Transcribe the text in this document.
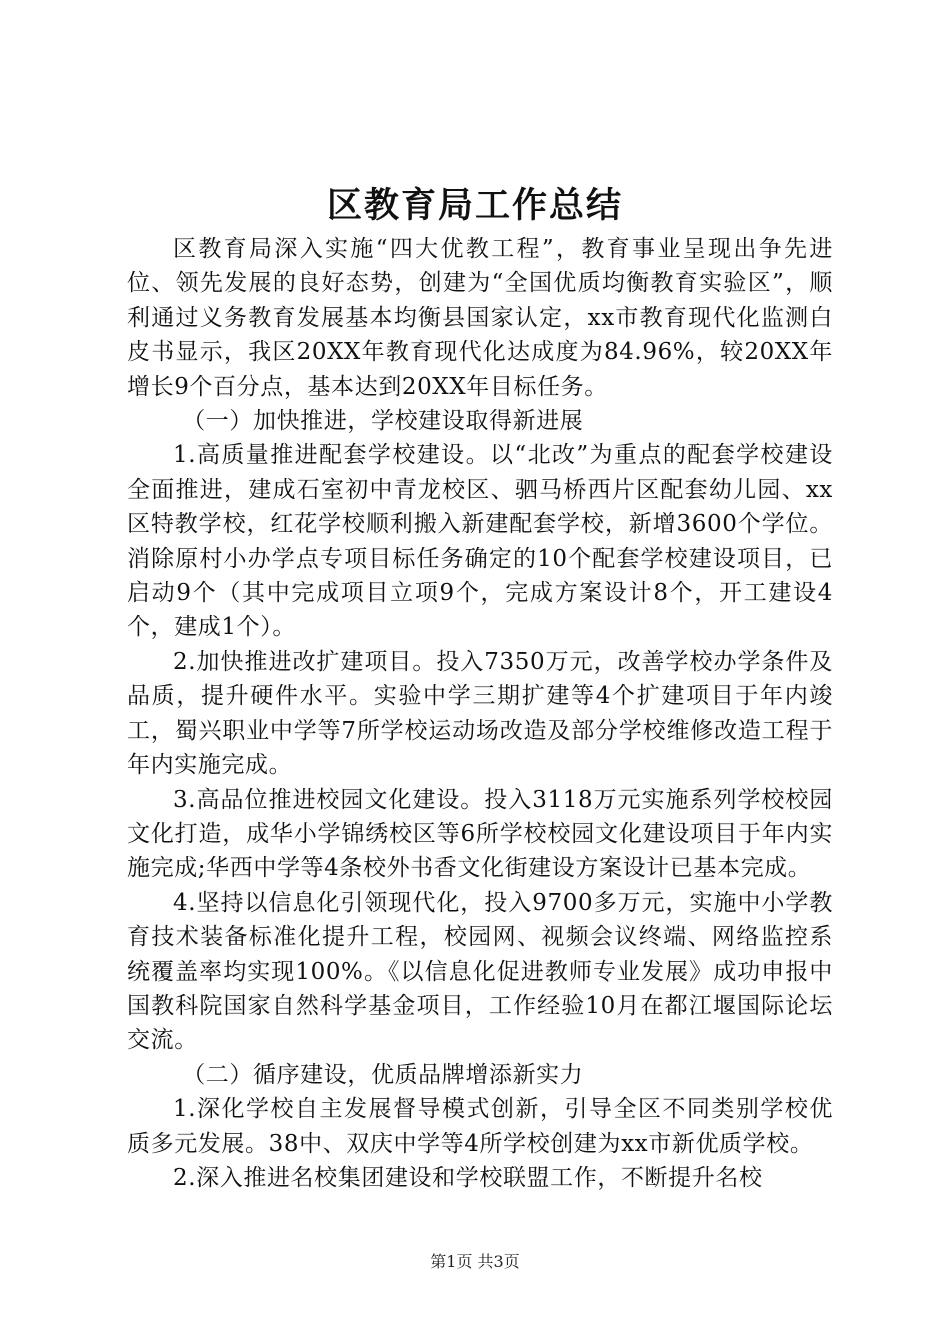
区教育局工作总结

区教育局深入实施“四大优教工程”，教育事业呈现出争先进位、领先发展的良好态势，创建为“全国优质均衡教育实验区”，顺利通过义务教育发展基本均衡县国家认定，xx市教育现代化监测白皮书显示，我区20XX年教育现代化达成度为84.96%，较20XX年增长9个百分点，基本达到20XX年目标任务。

（一）加快推进，学校建设取得新进展

1.高质量推进配套学校建设。以“北改”为重点的配套学校建设全面推进，建成石室初中青龙校区、驷马桥西片区配套幼儿园、xx区特教学校，红花学校顺利搬入新建配套学校，新增3600个学位。消除原村小办学点专项目标任务确定的10个配套学校建设项目，已启动9个（其中完成项目立项9个，完成方案设计8个，开工建设4个，建成1个）。

2.加快推进改扩建项目。投入7350万元，改善学校办学条件及品质，提升硬件水平。实验中学三期扩建等4个扩建项目于年内竣工，蜀兴职业中学等7所学校运动场改造及部分学校维修改造工程于年内实施完成。

3.高品位推进校园文化建设。投入3118万元实施系列学校校园文化打造，成华小学锦绣校区等6所学校校园文化建设项目于年内实施完成;华西中学等4条校外书香文化街建设方案设计已基本完成。

4.坚持以信息化引领现代化，投入9700多万元，实施中小学教育技术装备标准化提升工程，校园网、视频会议终端、网络监控系统覆盖率均实现100%。《以信息化促进教师专业发展》成功申报中国教科院国家自然科学基金项目，工作经验10月在都江堰国际论坛交流。

（二）循序建设，优质品牌增添新实力

1.深化学校自主发展督导模式创新，引导全区不同类别学校优质多元发展。38中、双庆中学等4所学校创建为xx市新优质学校。

2.深入推进名校集团建设和学校联盟工作，不断提升名校

第1页 共3页
